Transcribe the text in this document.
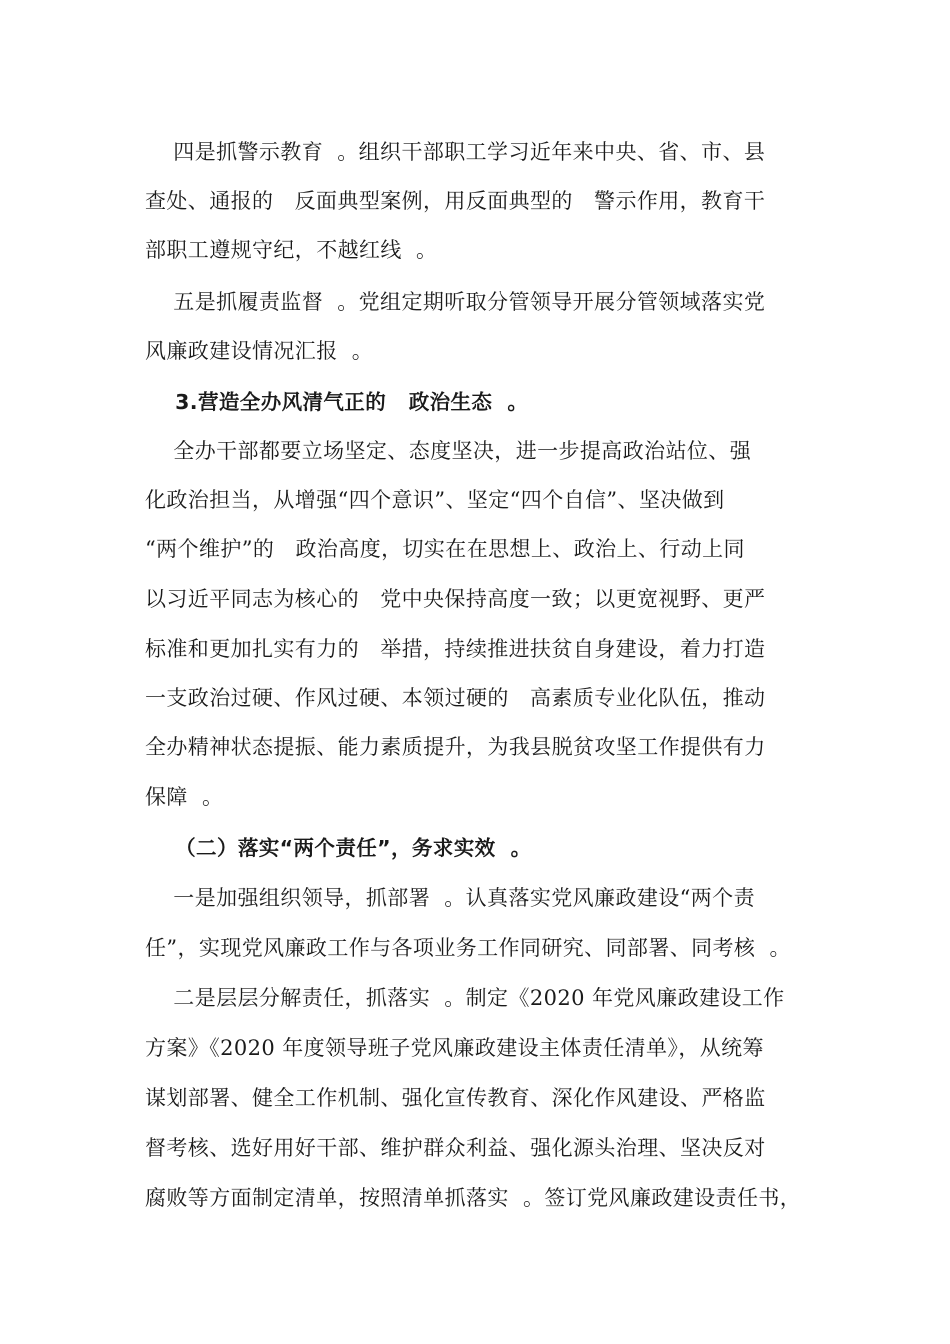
四是抓警示教育  。组织干部职工学习近年来中央、省、市、县
查处、通报的   反面典型案例，用反面典型的   警示作用，教育干
部职工遵规守纪，不越红线  。
五是抓履责监督  。党组定期听取分管领导开展分管领域落实党
风廉政建设情况汇报  。
3.营造全办风清气正的   政治生态  。
全办干部都要立场坚定、态度坚决，进一步提高政治站位、强
化政治担当，从增强“四个意识”、坚定“四个自信”、坚决做到
“两个维护”的   政治高度，切实在在思想上、政治上、行动上同
以习近平同志为核心的   党中央保持高度一致；以更宽视野、更严
标准和更加扎实有力的   举措，持续推进扶贫自身建设，着力打造
一支政治过硬、作风过硬、本领过硬的   高素质专业化队伍，推动
全办精神状态提振、能力素质提升，为我县脱贫攻坚工作提供有力
保障  。
（二）落实“两个责任”，务求实效  。
一是加强组织领导，抓部署  。认真落实党风廉政建设“两个责
任”，实现党风廉政工作与各项业务工作同研究、同部署、同考核  。
二是层层分解责任，抓落实  。制定《2020 年党风廉政建设工作
方案》《2020 年度领导班子党风廉政建设主体责任清单》，从统筹
谋划部署、健全工作机制、强化宣传教育、深化作风建设、严格监
督考核、选好用好干部、维护群众利益、强化源头治理、坚决反对
腐败等方面制定清单，按照清单抓落实  。签订党风廉政建设责任书，
